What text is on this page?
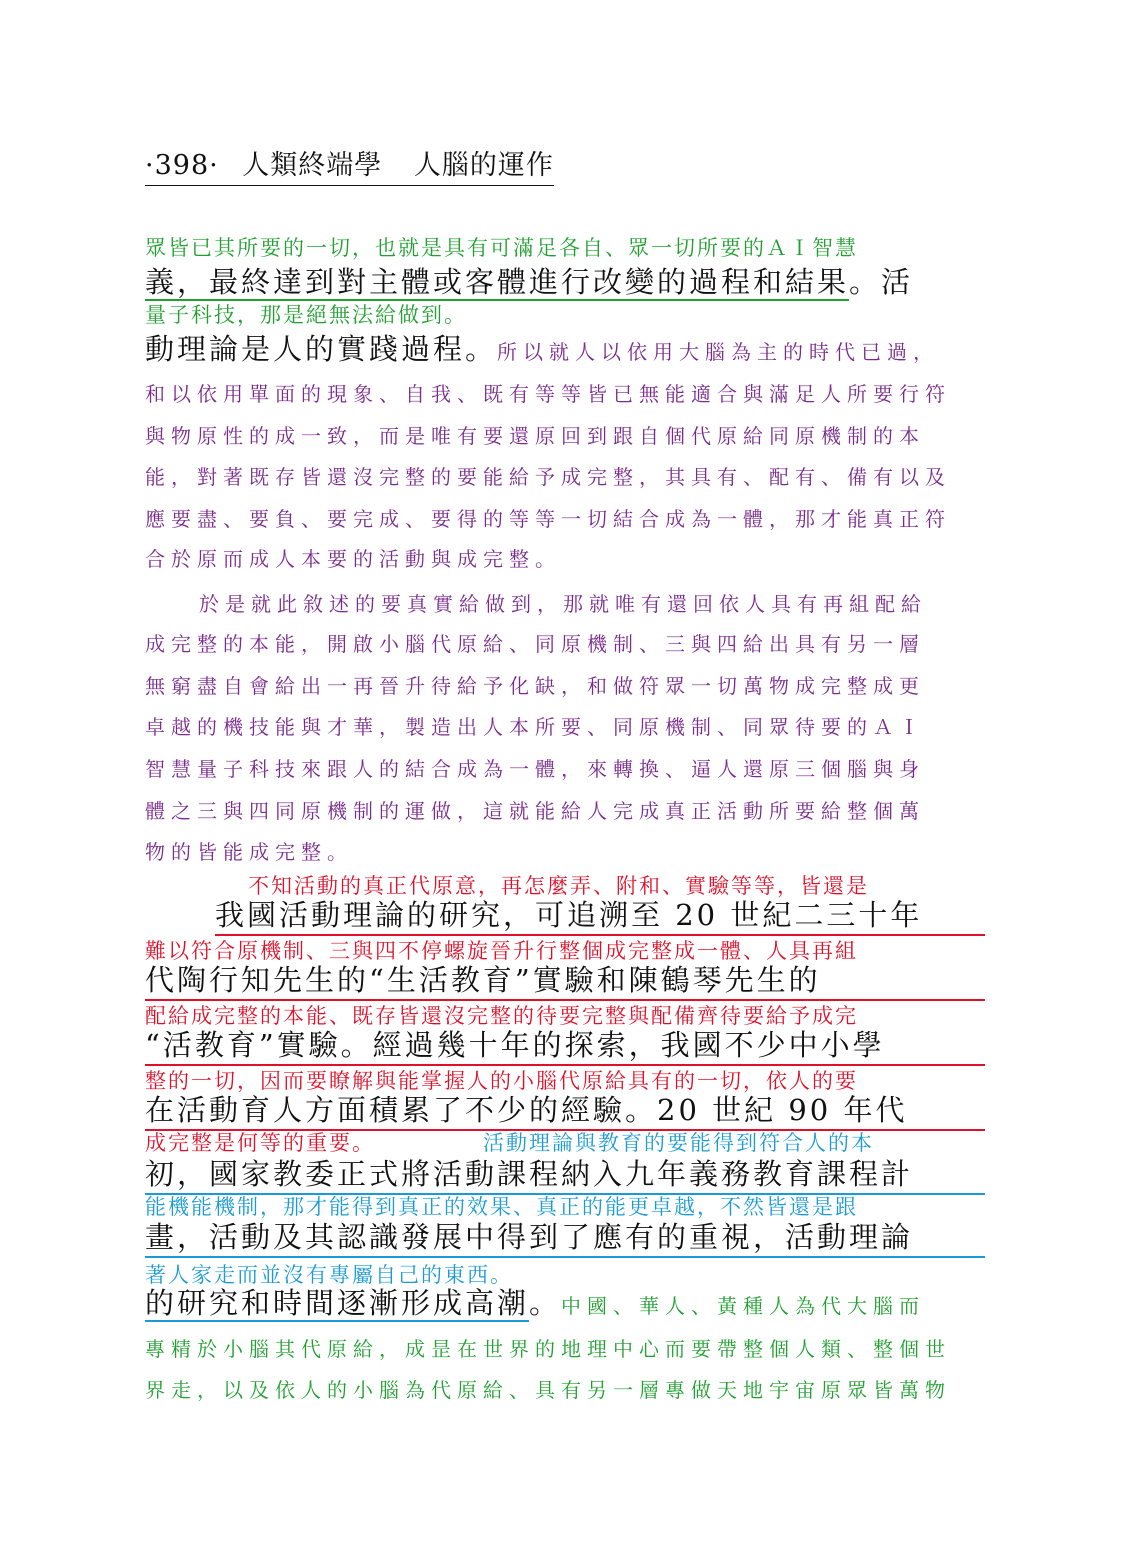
·398· 人類終端學 人腦的運作
眾皆已其所要的一切，也就是具有可滿足各自、眾一切所要的ＡＩ智慧
義，最終達到對主體或客體進行改變的過程和結果。活
量子科技，那是絕無法給做到。
動理論是人的實踐過程。所以就人以依用大腦為主的時代已過，
和以依用單面的現象、自我、既有等等皆已無能適合與滿足人所要行符
與物原性的成一致，而是唯有要還原回到跟自個代原給同原機制的本
能，對著既存皆還沒完整的要能給予成完整，其具有、配有、備有以及
應要盡、要負、要完成、要得的等等一切結合成為一體，那才能真正符
合於原而成人本要的活動與成完整。
於是就此敘述的要真實給做到，那就唯有還回依人具有再組配給
成完整的本能，開啟小腦代原給、同原機制、三與四給出具有另一層
無窮盡自會給出一再晉升待給予化缺，和做符眾一切萬物成完整成更
卓越的機技能與才華，製造出人本所要、同原機制、同眾待要的ＡＩ
智慧量子科技來跟人的結合成為一體，來轉換、逼人還原三個腦與身
體之三與四同原機制的運做，這就能給人完成真正活動所要給整個萬
物的皆能成完整。
不知活動的真正代原意，再怎麼弄、附和、實驗等等，皆還是
我國活動理論的研究，可追溯至 20 世紀二三十年
難以符合原機制、三與四不停螺旋晉升行整個成完整成一體、人具再組
代陶行知先生的“生活教育”實驗和陳鶴琴先生的
配給成完整的本能、既存皆還沒完整的待要完整與配備齊待要給予成完
“活教育”實驗。經過幾十年的探索，我國不少中小學
整的一切，因而要瞭解與能掌握人的小腦代原給具有的一切，依人的要
在活動育人方面積累了不少的經驗。20 世紀 90 年代
成完整是何等的重要。	活動理論與教育的要能得到符合人的本
初，國家教委正式將活動課程納入九年義務教育課程計
能機能機制，那才能得到真正的效果、真正的能更卓越，不然皆還是跟
畫，活動及其認識發展中得到了應有的重視，活動理論
著人家走而並沒有專屬自己的東西。
的研究和時間逐漸形成高潮。中國、華人、黃種人為代大腦而
專精於小腦其代原給，成昰在世界的地理中心而要帶整個人類、整個世
界走，以及依人的小腦為代原給、具有另一層專做天地宇宙原眾皆萬物
